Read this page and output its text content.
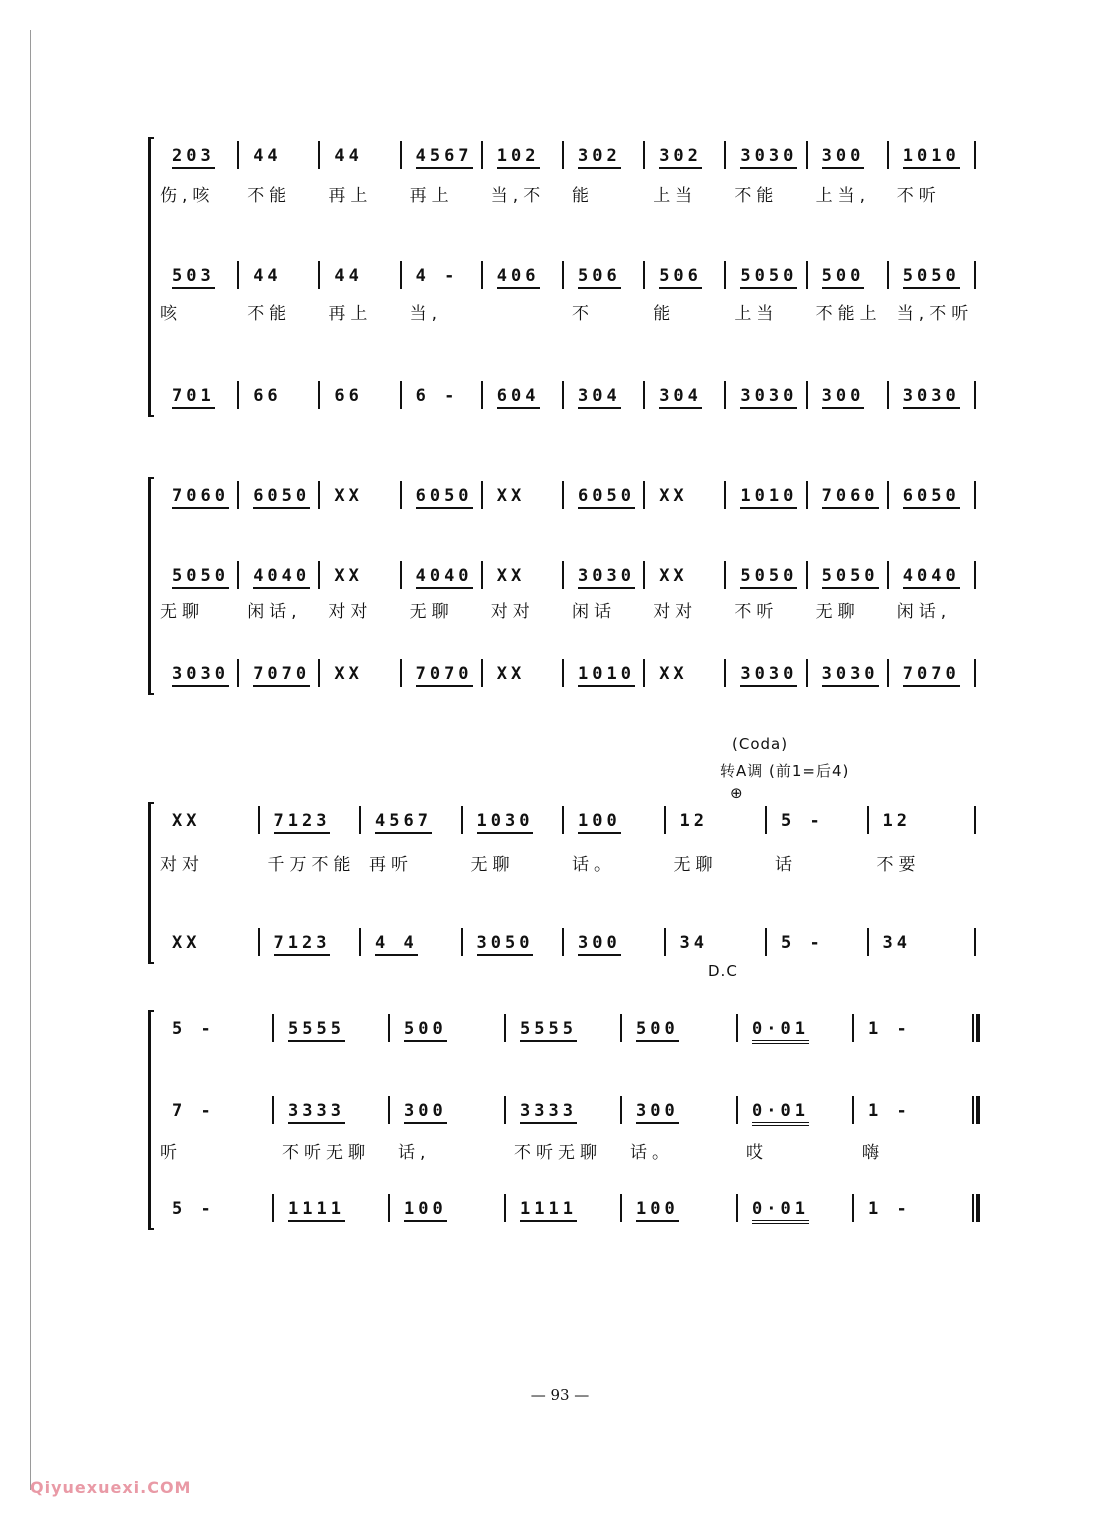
203 44	44	4567 102 302 302 3030 300 1010
伤,咳 不能 再上 再上 当,不 能	上当 不能 上当, 不听
503 44	44	4 - 406 506 506 5050 500 5050
咳	不能 再上 当,	不	能	上当 不能上 当,不听
701 66	66	6 - 604 304 304 3030 300 3030
7060 6050 XX	6050 XX	6050 XX	1010 7060 6050
5050 4040 XX	4040 XX	3030 XX	5050 5050 4040
无聊	闲话, 对对 无聊 对对 闲话 对对 不听 无聊 闲话,
3030 7070 XX	7070 XX	1010 XX	3030 3030 7070
XX	7123	4567	1030	100	12	5 -	12
对对	千万不能 再听	无聊	话。	无聊	话	不要
XX	7123	4 4	3050	300	34	5 -	34
5 -	5555	500	5555	500	0·01	1 -
7 -	3333	300	3333	300	0·01	1 -
听	不听无聊 话,	不听无聊 话。	哎	嗨
5 -	1111	100	1111	100	0·01	1 -
(Coda)
转A调 (前1=后4)
D.C
⊕
— 93 —
Qiyuexuexi.COM
